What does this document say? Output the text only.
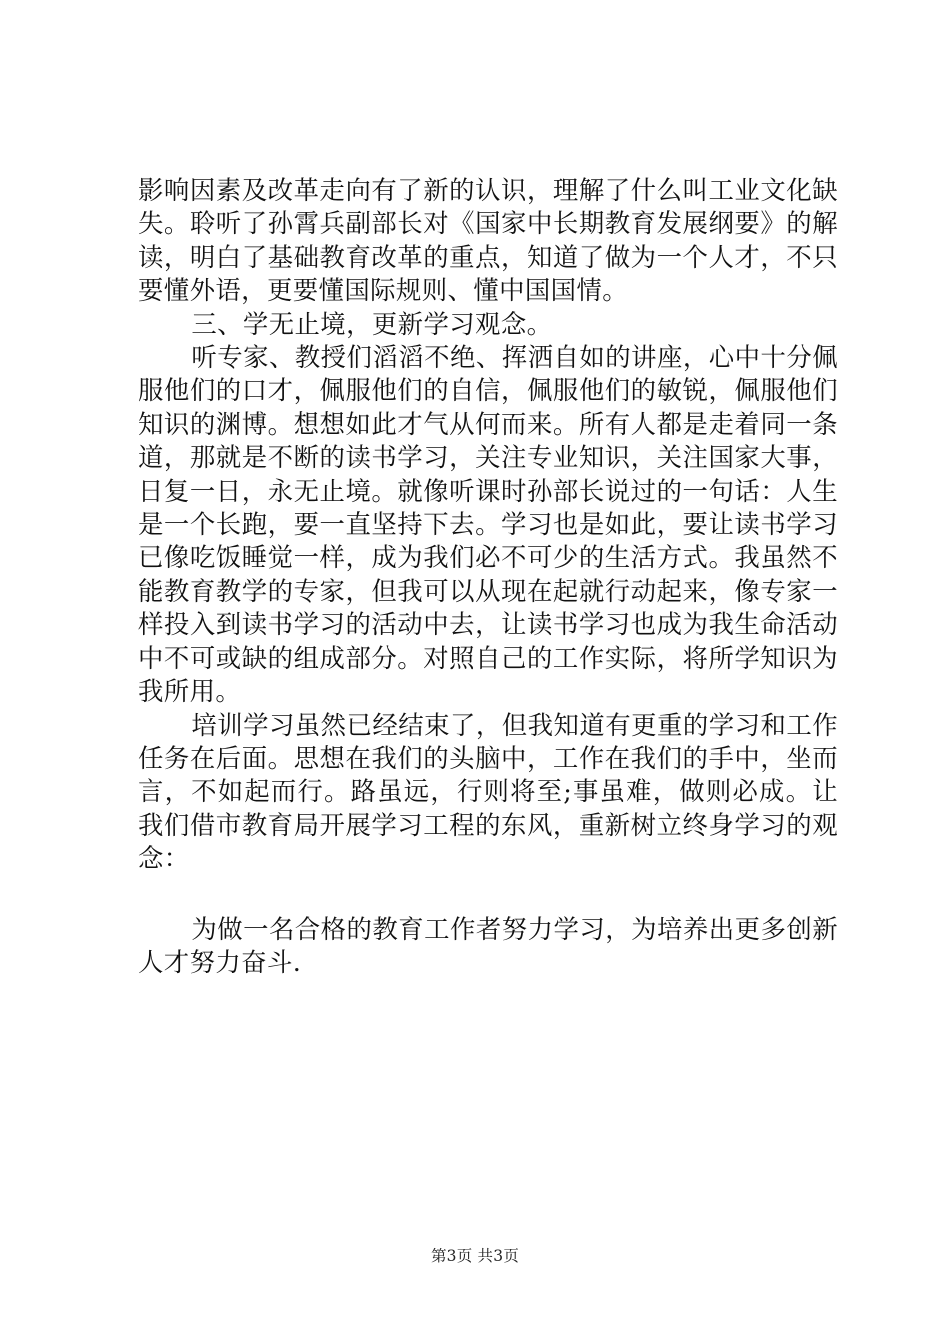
影响因素及改革走向有了新的认识，理解了什么叫工业文化缺失。聆听了孙霄兵副部长对《国家中长期教育发展纲要》的解读，明白了基础教育改革的重点，知道了做为一个人才，不只要懂外语，更要懂国际规则、懂中国国情。

三、学无止境，更新学习观念。

听专家、教授们滔滔不绝、挥洒自如的讲座，心中十分佩服他们的口才，佩服他们的自信，佩服他们的敏锐，佩服他们知识的渊博。想想如此才气从何而来。所有人都是走着同一条道，那就是不断的读书学习，关注专业知识，关注国家大事，日复一日，永无止境。就像听课时孙部长说过的一句话：人生是一个长跑，要一直坚持下去。学习也是如此，要让读书学习已像吃饭睡觉一样，成为我们必不可少的生活方式。我虽然不能教育教学的专家，但我可以从现在起就行动起来，像专家一样投入到读书学习的活动中去，让读书学习也成为我生命活动中不可或缺的组成部分。对照自己的工作实际，将所学知识为我所用。

培训学习虽然已经结束了，但我知道有更重的学习和工作任务在后面。思想在我们的头脑中，工作在我们的手中，坐而言，不如起而行。路虽远，行则将至;事虽难，做则必成。让我们借市教育局开展学习工程的东风，重新树立终身学习的观念：

为做一名合格的教育工作者努力学习，为培养出更多创新人才努力奋斗.

第3页 共3页
